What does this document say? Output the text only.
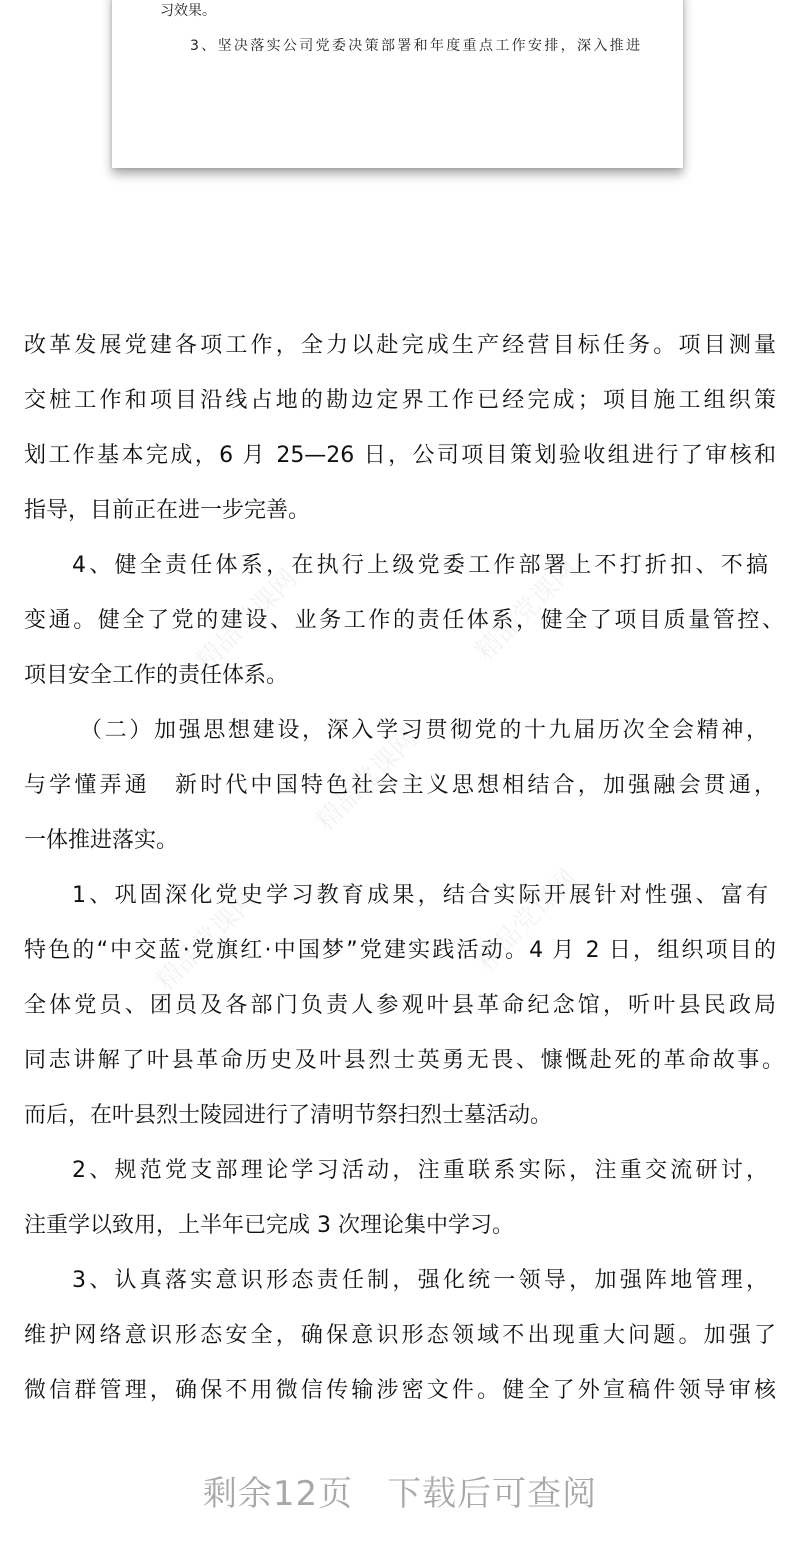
习效果。
3、坚决落实公司党委决策部署和年度重点工作安排，深入推进
精品党课网	精品党课网
精品党课网
精品党课网	精品党课网
改革发展党建各项工作，全力以赴完成生产经营目标任务。项目测量
交桩工作和项目沿线占地的勘边定界工作已经完成；项目施工组织策
划工作基本完成，6 月 25—26 日，公司项目策划验收组进行了审核和
指导，目前正在进一步完善。
4、健全责任体系，在执行上级党委工作部署上不打折扣、不搞
变通。健全了党的建设、业务工作的责任体系，健全了项目质量管控、
项目安全工作的责任体系。
（二）加强思想建设，深入学习贯彻党的十九届历次全会精神，
与学懂弄通　新时代中国特色社会主义思想相结合，加强融会贯通，
一体推进落实。
1、巩固深化党史学习教育成果，结合实际开展针对性强、富有
特色的“中交蓝·党旗红·中国梦”党建实践活动。4 月 2 日，组织项目的
全体党员、团员及各部门负责人参观叶县革命纪念馆，听叶县民政局
同志讲解了叶县革命历史及叶县烈士英勇无畏、慷慨赴死的革命故事。
而后，在叶县烈士陵园进行了清明节祭扫烈士墓活动。
2、规范党支部理论学习活动，注重联系实际，注重交流研讨，
注重学以致用，上半年已完成 3 次理论集中学习。
3、认真落实意识形态责任制，强化统一领导，加强阵地管理，
维护网络意识形态安全，确保意识形态领域不出现重大问题。加强了
微信群管理，确保不用微信传输涉密文件。健全了外宣稿件领导审核
剩余12页 下载后可查阅
